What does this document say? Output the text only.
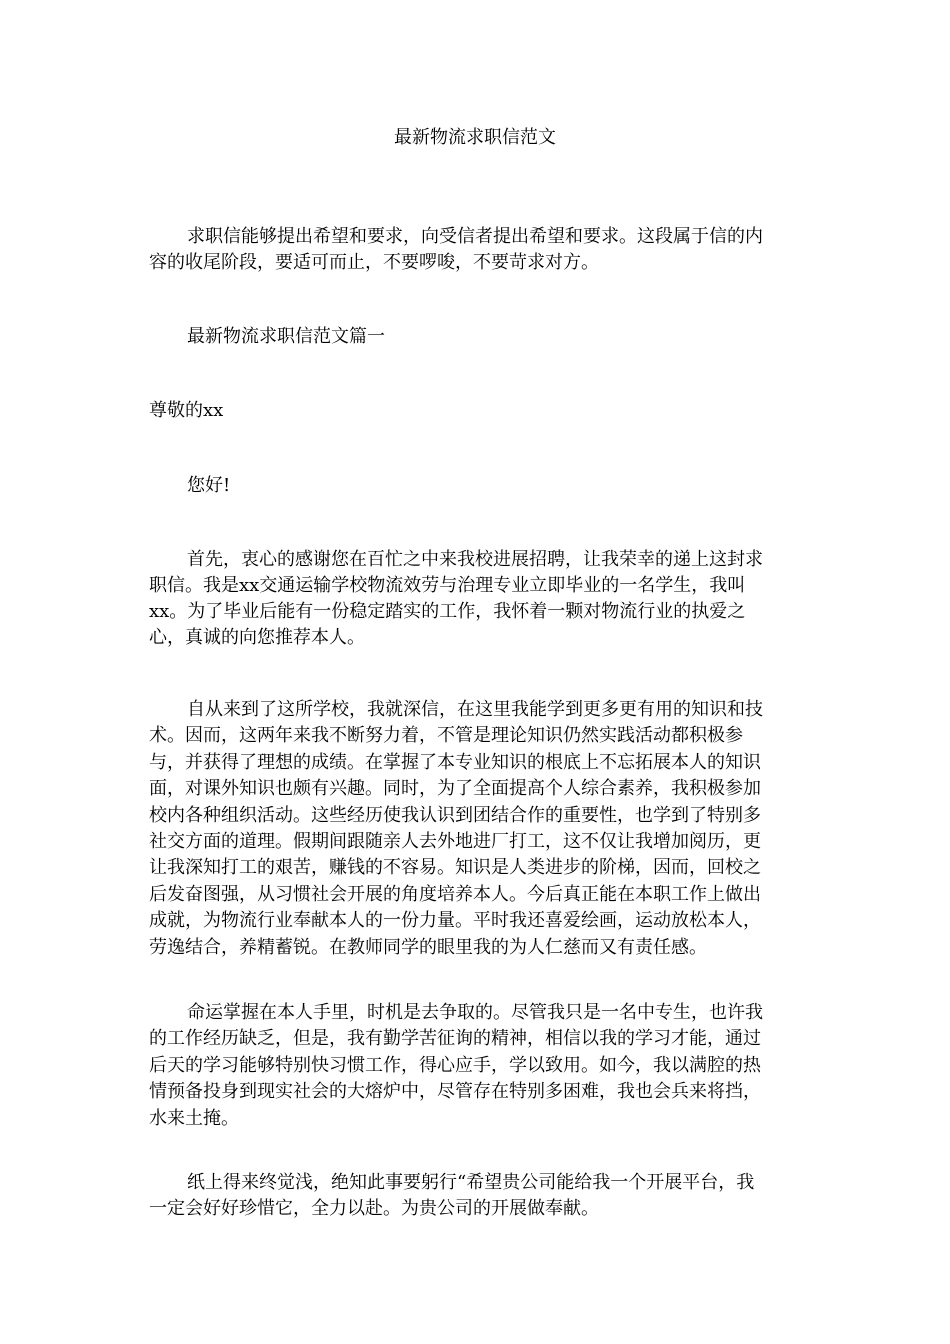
最新物流求职信范文
求职信能够提出希望和要求，向受信者提出希望和要求。这段属于信的内
容的收尾阶段，要适可而止，不要啰唆，不要苛求对方。
最新物流求职信范文篇一
尊敬的xx
您好!
首先，衷心的感谢您在百忙之中来我校进展招聘，让我荣幸的递上这封求
职信。我是xx交通运输学校物流效劳与治理专业立即毕业的一名学生，我叫
xx。为了毕业后能有一份稳定踏实的工作，我怀着一颗对物流行业的执爱之
心，真诚的向您推荐本人。
自从来到了这所学校，我就深信，在这里我能学到更多更有用的知识和技
术。因而，这两年来我不断努力着，不管是理论知识仍然实践活动都积极参
与，并获得了理想的成绩。在掌握了本专业知识的根底上不忘拓展本人的知识
面，对课外知识也颇有兴趣。同时，为了全面提高个人综合素养，我积极参加
校内各种组织活动。这些经历使我认识到团结合作的重要性，也学到了特别多
社交方面的道理。假期间跟随亲人去外地进厂打工，这不仅让我增加阅历，更
让我深知打工的艰苦，赚钱的不容易。知识是人类进步的阶梯，因而，回校之
后发奋图强，从习惯社会开展的角度培养本人。今后真正能在本职工作上做出
成就，为物流行业奉献本人的一份力量。平时我还喜爱绘画，运动放松本人，
劳逸结合，养精蓄锐。在教师同学的眼里我的为人仁慈而又有责任感。
命运掌握在本人手里，时机是去争取的。尽管我只是一名中专生，也许我
的工作经历缺乏，但是，我有勤学苦征询的精神，相信以我的学习才能，通过
后天的学习能够特别快习惯工作，得心应手，学以致用。如今，我以满腔的热
情预备投身到现实社会的大熔炉中，尽管存在特别多困难，我也会兵来将挡，
水来土掩。
纸上得来终觉浅，绝知此事要躬行“希望贵公司能给我一个开展平台，我
一定会好好珍惜它，全力以赴。为贵公司的开展做奉献。
